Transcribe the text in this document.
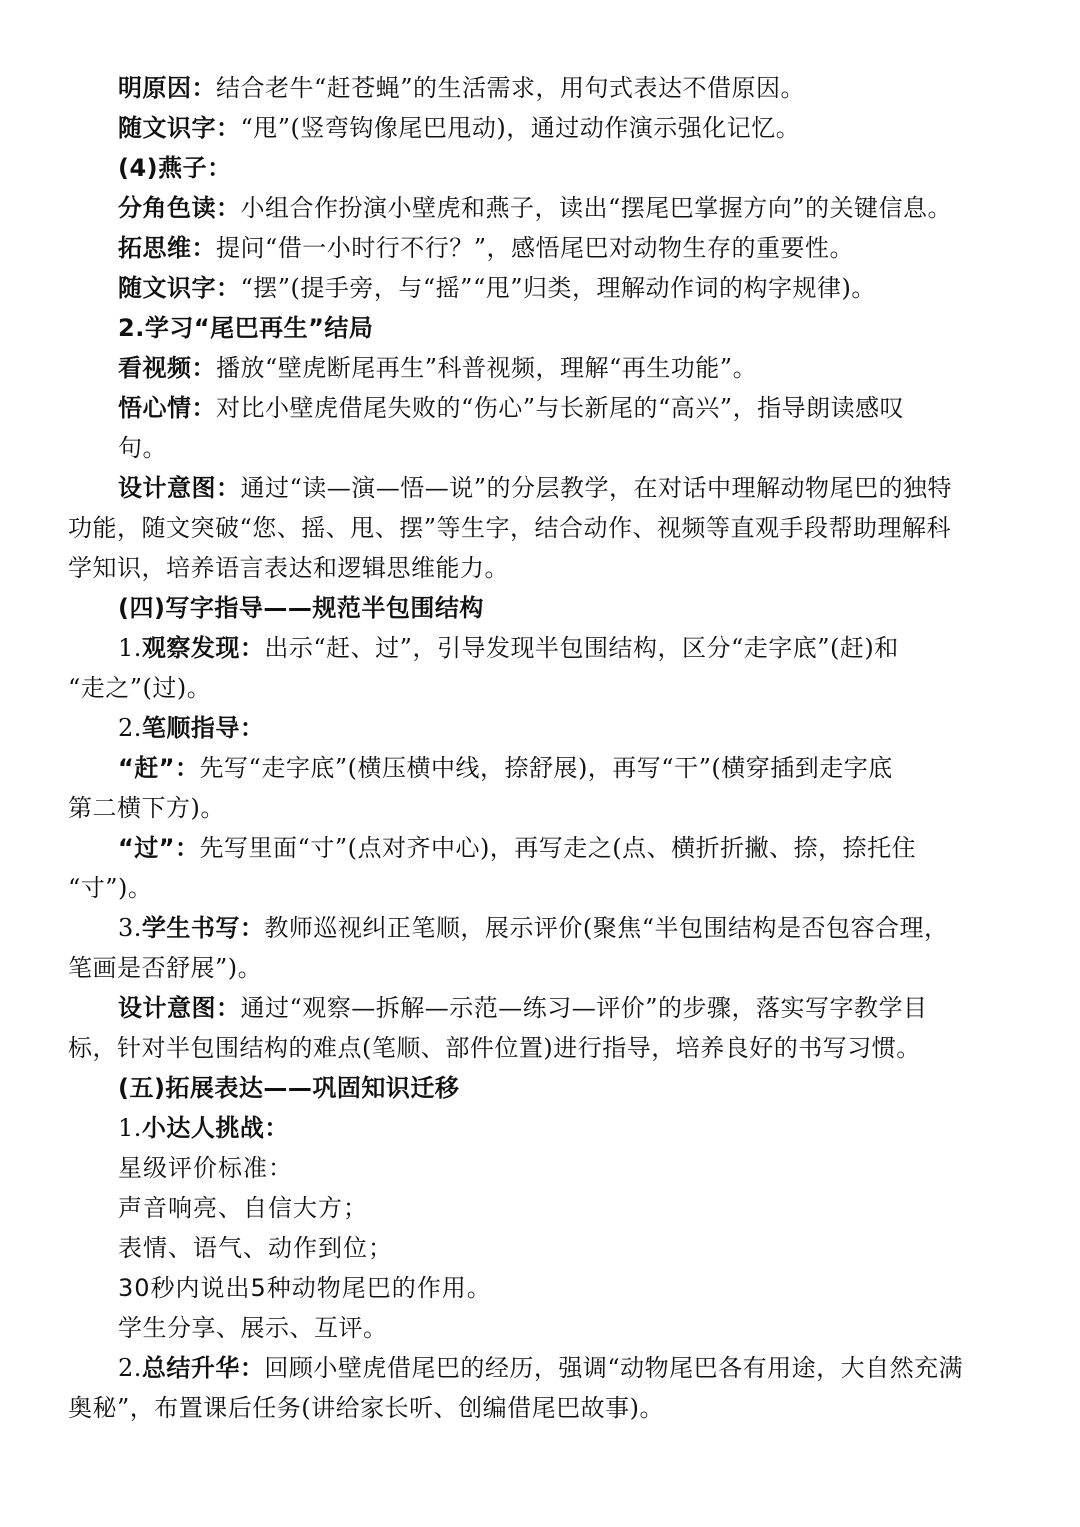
明原因：结合老牛“赶苍蝇”的生活需求，用句式表达不借原因。
随文识字：“甩”(竖弯钩像尾巴甩动)，通过动作演示强化记忆。
(4)燕子：
分角色读：小组合作扮演小壁虎和燕子，读出“摆尾巴掌握方向”的关键信息。
拓思维：提问“借一小时行不行？”，感悟尾巴对动物生存的重要性。
随文识字：“摆”(提手旁，与“摇”“甩”归类，理解动作词的构字规律)。
2.学习“尾巴再生”结局
看视频：播放“壁虎断尾再生”科普视频，理解“再生功能”。
悟心情：对比小壁虎借尾失败的“伤心”与长新尾的“高兴”，指导朗读感叹
句。
设计意图：通过“读—演—悟—说”的分层教学，在对话中理解动物尾巴的独特
功能，随文突破“您、摇、甩、摆”等生字，结合动作、视频等直观手段帮助理解科
学知识，培养语言表达和逻辑思维能力。
(四)写字指导——规范半包围结构
1.观察发现：出示“赶、过”，引导发现半包围结构，区分“走字底”(赶)和
“走之”(过)。
2.笔顺指导：
“赶”：先写“走字底”(横压横中线，捺舒展)，再写“干”(横穿插到走字底
第二横下方)。
“过”：先写里面“寸”(点对齐中心)，再写走之(点、横折折撇、捺，捺托住
“寸”)。
3.学生书写：教师巡视纠正笔顺，展示评价(聚焦“半包围结构是否包容合理，
笔画是否舒展”)。
设计意图：通过“观察—拆解—示范—练习—评价”的步骤，落实写字教学目
标，针对半包围结构的难点(笔顺、部件位置)进行指导，培养良好的书写习惯。
(五)拓展表达——巩固知识迁移
1.小达人挑战：
星级评价标准：
声音响亮、自信大方；
表情、语气、动作到位；
30秒内说出5种动物尾巴的作用。
学生分享、展示、互评。
2.总结升华：回顾小壁虎借尾巴的经历，强调“动物尾巴各有用途，大自然充满
奥秘”，布置课后任务(讲给家长听、创编借尾巴故事)。
